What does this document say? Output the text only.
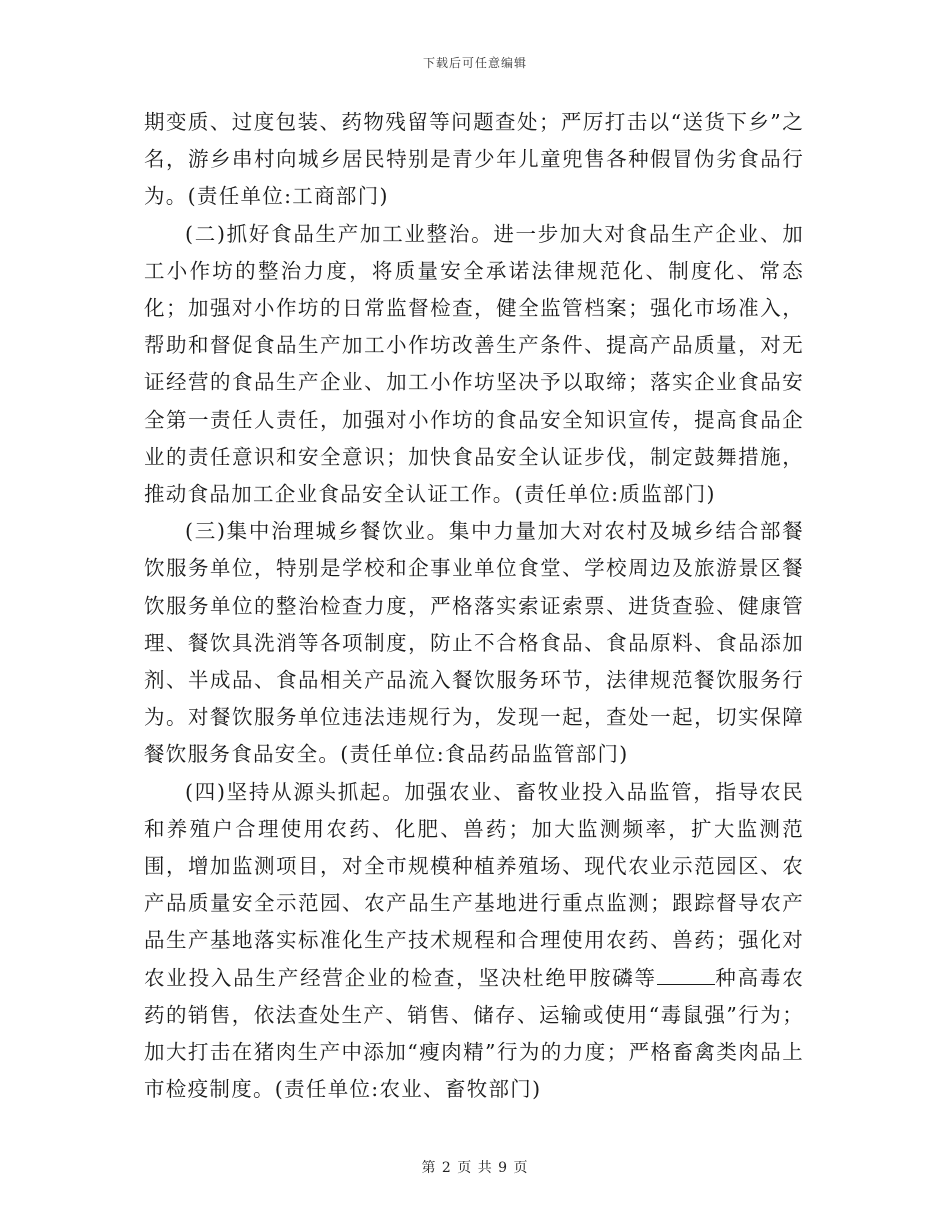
下载后可任意编辑

期变质、过度包装、药物残留等问题查处；严厉打击以“送货下乡”之名，游乡串村向城乡居民特别是青少年儿童兜售各种假冒伪劣食品行为。(责任单位:工商部门)

(二)抓好食品生产加工业整治。进一步加大对食品生产企业、加工小作坊的整治力度，将质量安全承诺法律规范化、制度化、常态化；加强对小作坊的日常监督检查，健全监管档案；强化市场准入，帮助和督促食品生产加工小作坊改善生产条件、提高产品质量，对无证经营的食品生产企业、加工小作坊坚决予以取缔；落实企业食品安全第一责任人责任，加强对小作坊的食品安全知识宣传，提高食品企业的责任意识和安全意识；加快食品安全认证步伐，制定鼓舞措施，推动食品加工企业食品安全认证工作。(责任单位:质监部门)

(三)集中治理城乡餐饮业。集中力量加大对农村及城乡结合部餐饮服务单位，特别是学校和企事业单位食堂、学校周边及旅游景区餐饮服务单位的整治检查力度，严格落实索证索票、进货查验、健康管理、餐饮具洗消等各项制度，防止不合格食品、食品原料、食品添加剂、半成品、食品相关产品流入餐饮服务环节，法律规范餐饮服务行为。对餐饮服务单位违法违规行为，发现一起，查处一起，切实保障餐饮服务食品安全。(责任单位:食品药品监管部门)

(四)坚持从源头抓起。加强农业、畜牧业投入品监管，指导农民和养殖户合理使用农药、化肥、兽药；加大监测频率，扩大监测范围，增加监测项目，对全市规模种植养殖场、现代农业示范园区、农产品质量安全示范园、农产品生产基地进行重点监测；跟踪督导农产品生产基地落实标准化生产技术规程和合理使用农药、兽药；强化对农业投入品生产经营企业的检查，坚决杜绝甲胺磷等	种高毒农药的销售，依法查处生产、销售、储存、运输或使用“毒鼠强”行为；加大打击在猪肉生产中添加“瘦肉精”行为的力度；严格畜禽类肉品上市检疫制度。(责任单位:农业、畜牧部门)

第 2 页 共 9 页
